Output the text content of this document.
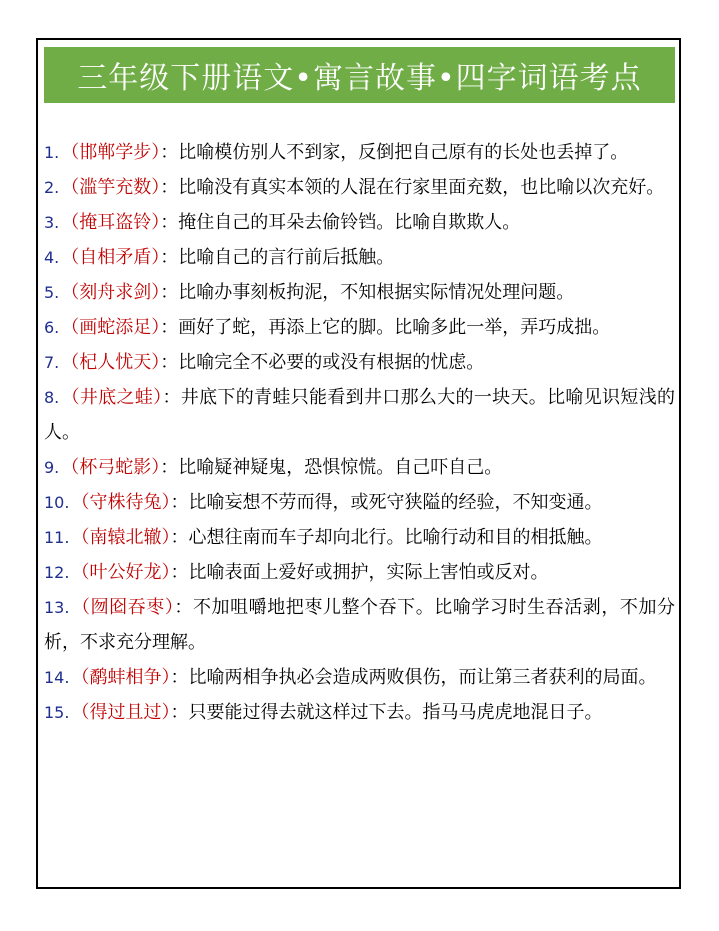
三年级下册语文•寓言故事•四字词语考点
1. （邯郸学步）：比喻模仿别人不到家，反倒把自己原有的长处也丢掉了。
2. （滥竽充数）：比喻没有真实本领的人混在行家里面充数，也比喻以次充好。
3. （掩耳盗铃）：掩住自己的耳朵去偷铃铛。比喻自欺欺人。
4. （自相矛盾）：比喻自己的言行前后抵触。
5. （刻舟求剑）：比喻办事刻板拘泥，不知根据实际情况处理问题。
6. （画蛇添足）：画好了蛇，再添上它的脚。比喻多此一举，弄巧成拙。
7. （杞人忧天）：比喻完全不必要的或没有根据的忧虑。
8. （井底之蛙）：井底下的青蛙只能看到井口那么大的一块天。比喻见识短浅的人。
9. （杯弓蛇影）：比喻疑神疑鬼，恐惧惊慌。自己吓自己。
10. （守株待兔）：比喻妄想不劳而得，或死守狭隘的经验，不知变通。
11. （南辕北辙）：心想往南而车子却向北行。比喻行动和目的相抵触。
12. （叶公好龙）：比喻表面上爱好或拥护，实际上害怕或反对。
13. （囫囵吞枣）：不加咀嚼地把枣儿整个吞下。比喻学习时生吞活剥，不加分析，不求充分理解。
14. （鹬蚌相争）：比喻两相争执必会造成两败俱伤，而让第三者获利的局面。
15. （得过且过）：只要能过得去就这样过下去。指马马虎虎地混日子。
